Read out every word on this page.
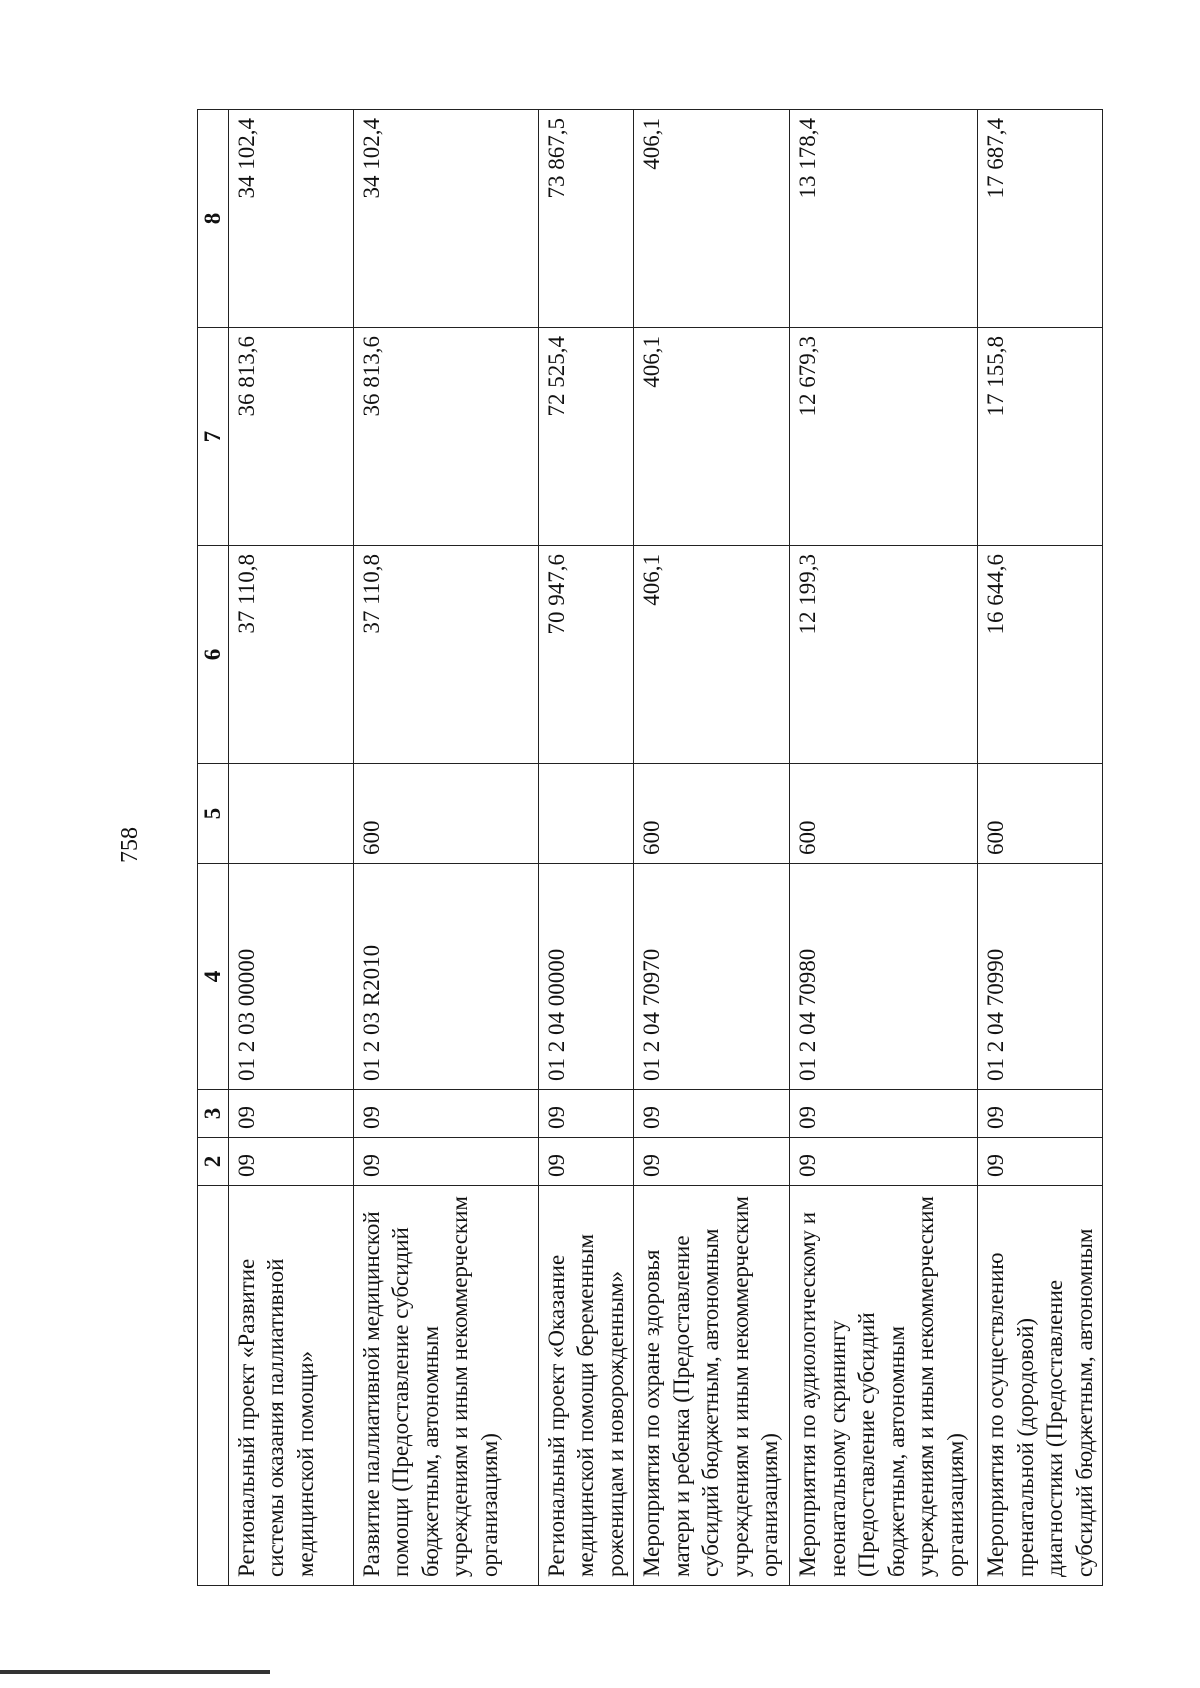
758
	2	3	4	5	6	7	8
Региональный проект «Развитие системы оказания паллиативной медицинской помощи»	09	09	01 2 03 00000		37 110,8	36 813,6	34 102,4
Развитие паллиативной медицинской помощи (Предоставление субсидий бюджетным, автономным учреждениям и иным некоммерческим организациям)	09	09	01 2 03 R2010	600	37 110,8	36 813,6	34 102,4
Региональный проект «Оказание медицинской помощи беременным роженицам и новорожденным»	09	09	01 2 04 00000		70 947,6	72 525,4	73 867,5
Мероприятия по охране здоровья матери и ребенка (Предоставление субсидий бюджетным, автономным учреждениям и иным некоммерческим организациям)	09	09	01 2 04 70970	600	406,1	406,1	406,1
Мероприятия по аудиологическому и неонатальному скринингу (Предоставление субсидий бюджетным, автономным учреждениям и иным некоммерческим организациям)	09	09	01 2 04 70980	600	12 199,3	12 679,3	13 178,4
Мероприятия по осуществлению пренатальной (дородовой) диагностики (Предоставление субсидий бюджетным, автономным	09	09	01 2 04 70990	600	16 644,6	17 155,8	17 687,4
